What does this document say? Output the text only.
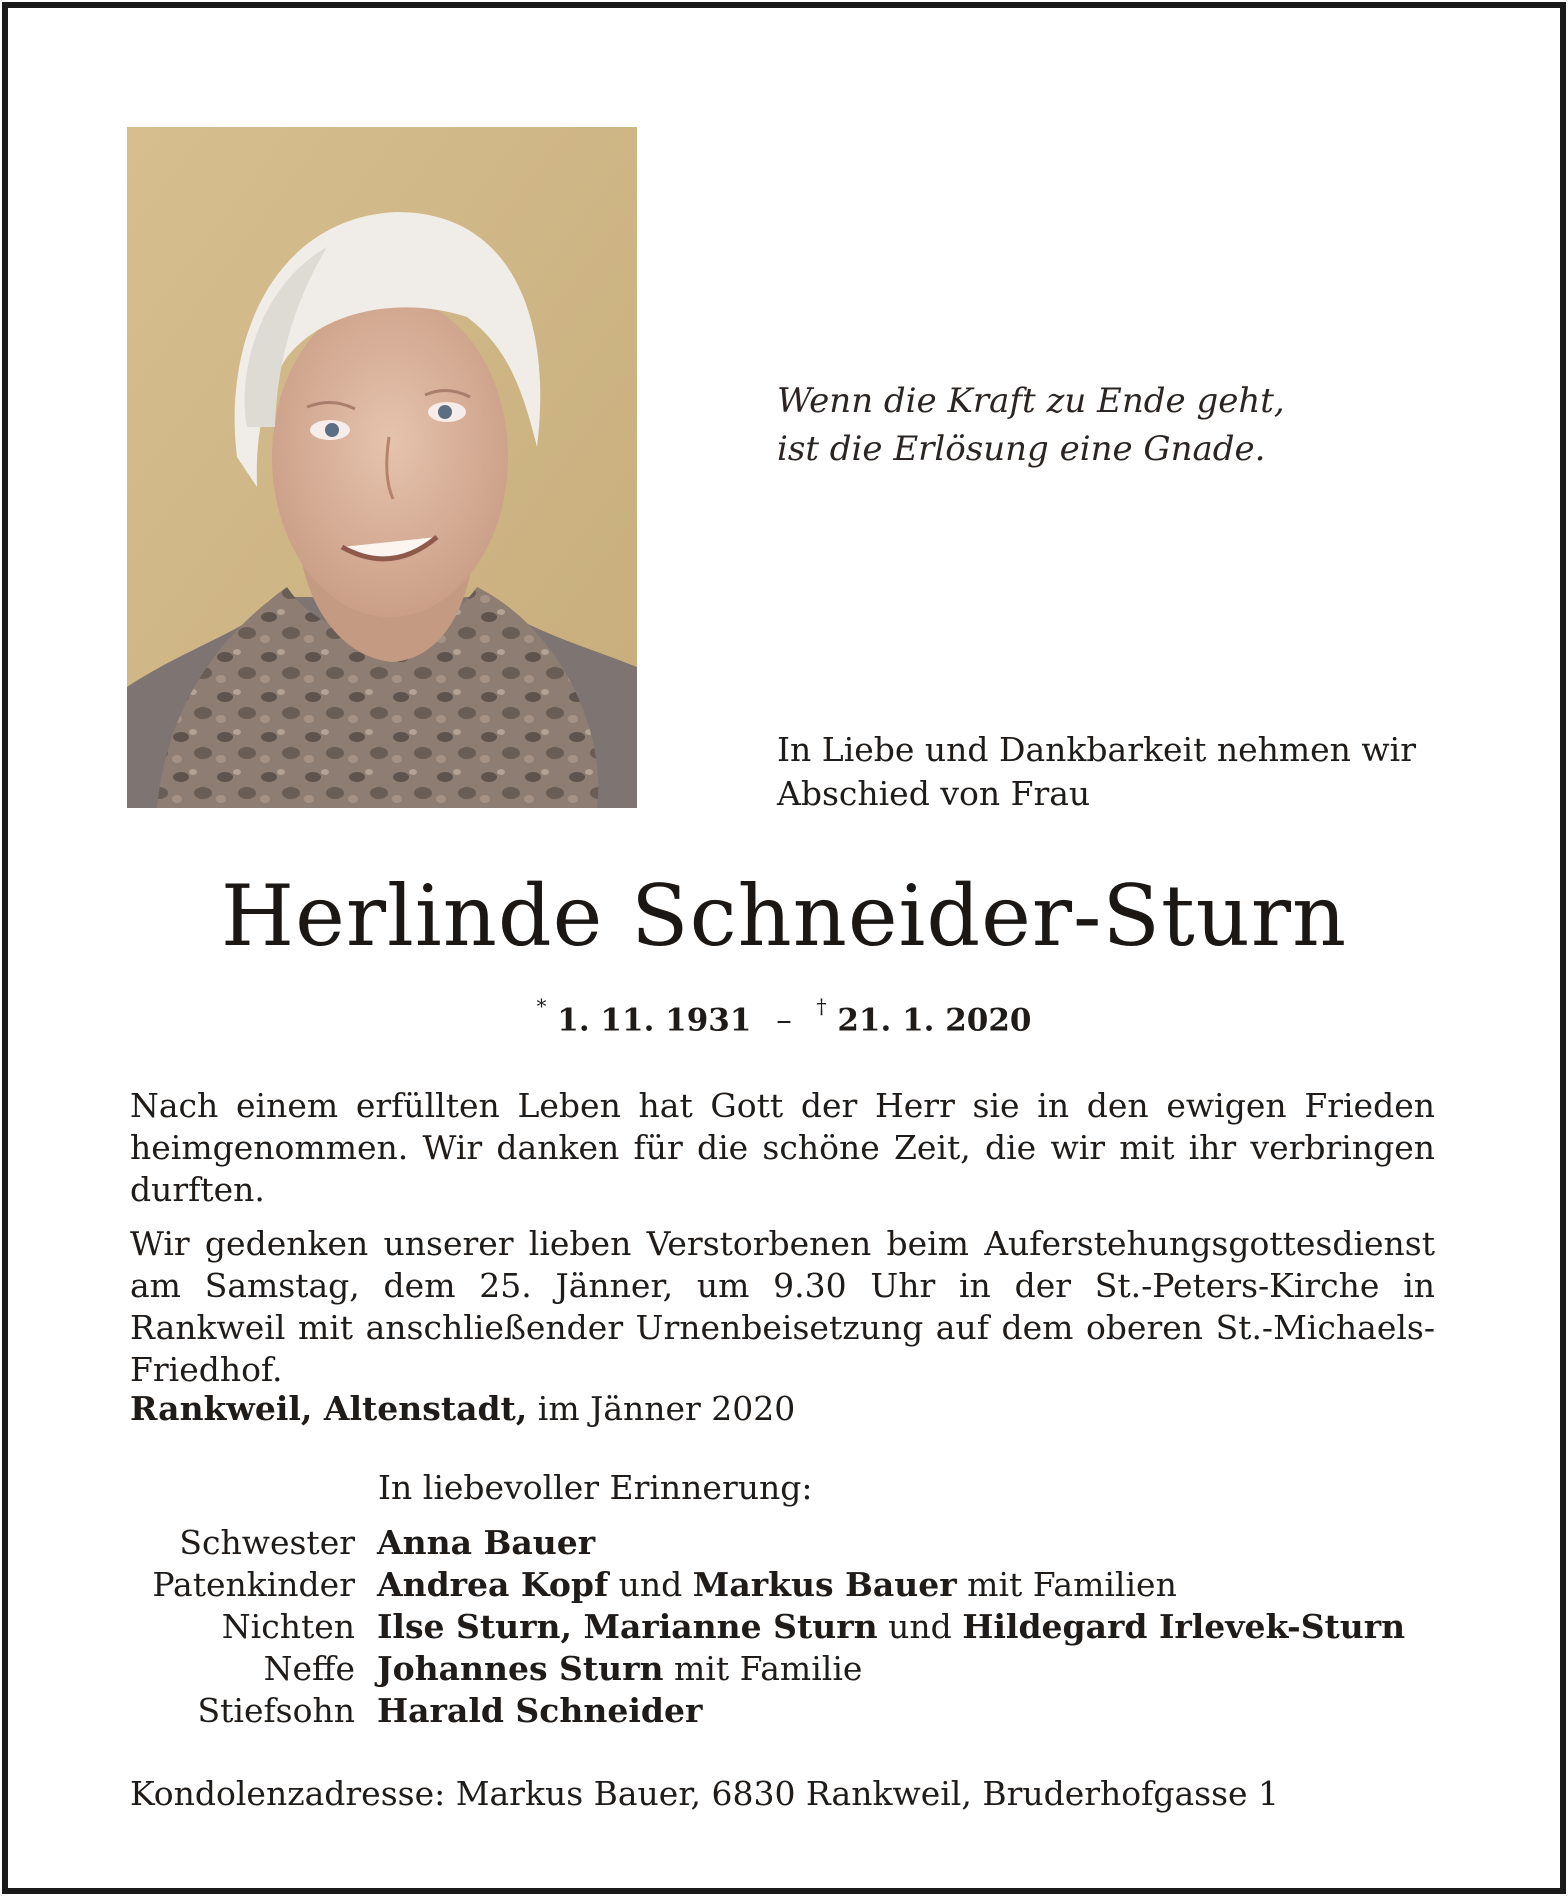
Wenn die Kraft zu Ende geht,
ist die Erlösung eine Gnade.
In Liebe und Dankbarkeit nehmen wir
Abschied von Frau
Herlinde Schneider-Sturn
* 1. 11. 1931 – † 21. 1. 2020
Nach einem erfüllten Leben hat Gott der Herr sie in den ewigen Frieden heimgenommen. Wir danken für die schöne Zeit, die wir mit ihr verbringen durften.
Wir gedenken unserer lieben Verstorbenen beim Auferstehungsgottesdienst am Samstag, dem 25. Jänner, um 9.30 Uhr in der St.-Peters-Kirche in Rankweil mit anschließender Urnenbeisetzung auf dem oberen St.-Michaels-Friedhof.
Rankweil, Altenstadt, im Jänner 2020
In liebevoller Erinnerung:
Schwester Anna Bauer
Patenkinder Andrea Kopf und Markus Bauer mit Familien
Nichten Ilse Sturn, Marianne Sturn und Hildegard Irlevek-Sturn
Neffe Johannes Sturn mit Familie
Stiefsohn Harald Schneider
Kondolenzadresse: Markus Bauer, 6830 Rankweil, Bruderhofgasse 1
